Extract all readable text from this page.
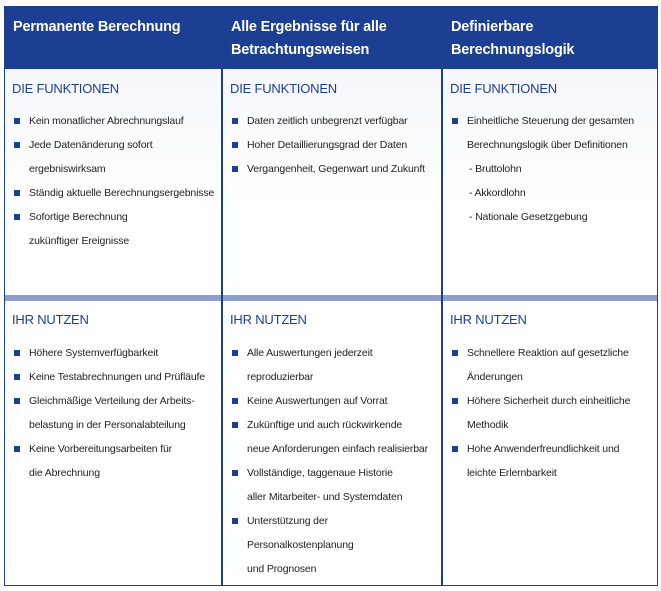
Permanente Berechnung
DIE FUNKTIONEN
Kein monatlicher Abrechnungslauf
Jede Datenänderung sofort
ergebniswirksam
Ständig aktuelle Berechnungsergebnisse
Sofortige Berechnung
zukünftiger Ereignisse
IHR NUTZEN
Höhere Systemverfügbarkeit
Keine Testabrechnungen und Prüfläufe
Gleichmäßige Verteilung der Arbeits-
belastung in der Personalabteilung
Keine Vorbereitungsarbeiten für
die Abrechnung
Alle Ergebnisse für alle
Betrachtungsweisen
DIE FUNKTIONEN
Daten zeitlich unbegrenzt verfügbar
Hoher Detaillierungsgrad der Daten
Vergangenheit, Gegenwart und Zukunft
IHR NUTZEN
Alle Auswertungen jederzeit
reproduzierbar
Keine Auswertungen auf Vorrat
Zukünftige und auch rückwirkende
neue Anforderungen einfach realisierbar
Vollständige, taggenaue Historie
aller Mitarbeiter- und Systemdaten
Unterstützung der Personalkostenplanung
und Prognosen
Definierbare Berechnungslogik
DIE FUNKTIONEN
Einheitliche Steuerung der gesamten
Berechnungslogik über Definitionen
- Bruttolohn
- Akkordlohn
- Nationale Gesetzgebung
IHR NUTZEN
Schnellere Reaktion auf gesetzliche
Änderungen
Höhere Sicherheit durch einheitliche
Methodik
Hohe Anwenderfreundlichkeit und
leichte Erlernbarkeit
